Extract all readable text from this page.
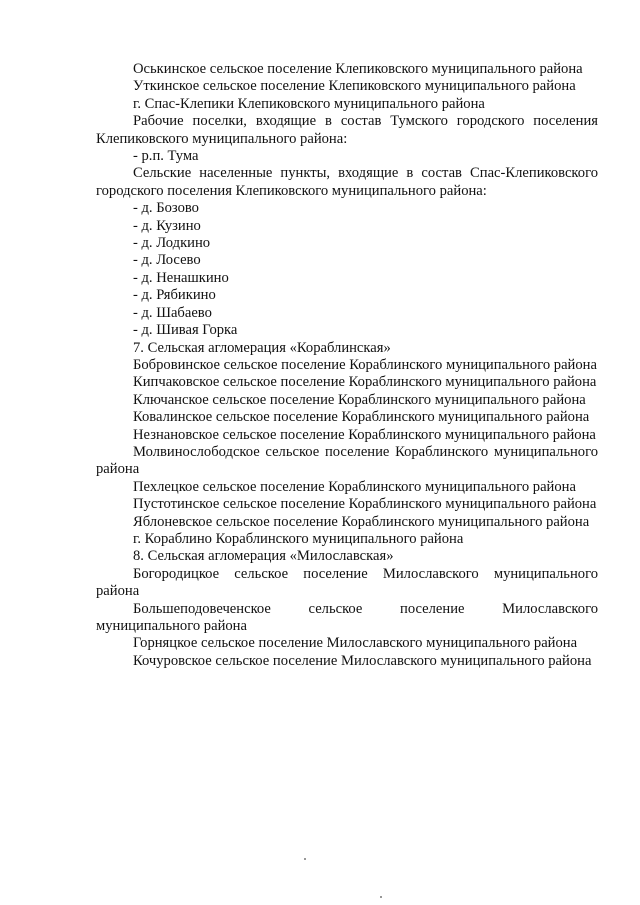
Оськинское сельское поселение Клепиковского муниципального района

Уткинское сельское поселение Клепиковского муниципального района

г. Спас-Клепики Клепиковского муниципального района

Рабочие поселки, входящие в состав Тумского городского поселения Клепиковского муниципального района:

- р.п. Тума

Сельские населенные пункты, входящие в состав Спас-Клепиковского городского поселения Клепиковского муниципального района:

- д. Бозово

- д. Кузино

- д. Лодкино

- д. Лосево

- д. Ненашкино

- д. Рябикино

- д. Шабаево

- д. Шивая Горка

7. Сельская агломерация «Кораблинская»

Бобровинское сельское поселение Кораблинского муниципального района

Кипчаковское сельское поселение Кораблинского муниципального района

Ключанское сельское поселение Кораблинского муниципального района

Ковалинское сельское поселение Кораблинского муниципального района

Незнановское сельское поселение Кораблинского муниципального района

Молвинослободское сельское поселение Кораблинского муниципального района

Пехлецкое сельское поселение Кораблинского муниципального района

Пустотинское сельское поселение Кораблинского муниципального района

Яблоневское сельское поселение Кораблинского муниципального района

г. Кораблино Кораблинского муниципального района

8. Сельская агломерация «Милославская»

Богородицкое сельское поселение Милославского муниципального района

Большеподовеченское сельское поселение Милославского муниципального района

Горняцкое сельское поселение Милославского муниципального района

Кочуровское сельское поселение Милославского муниципального района
